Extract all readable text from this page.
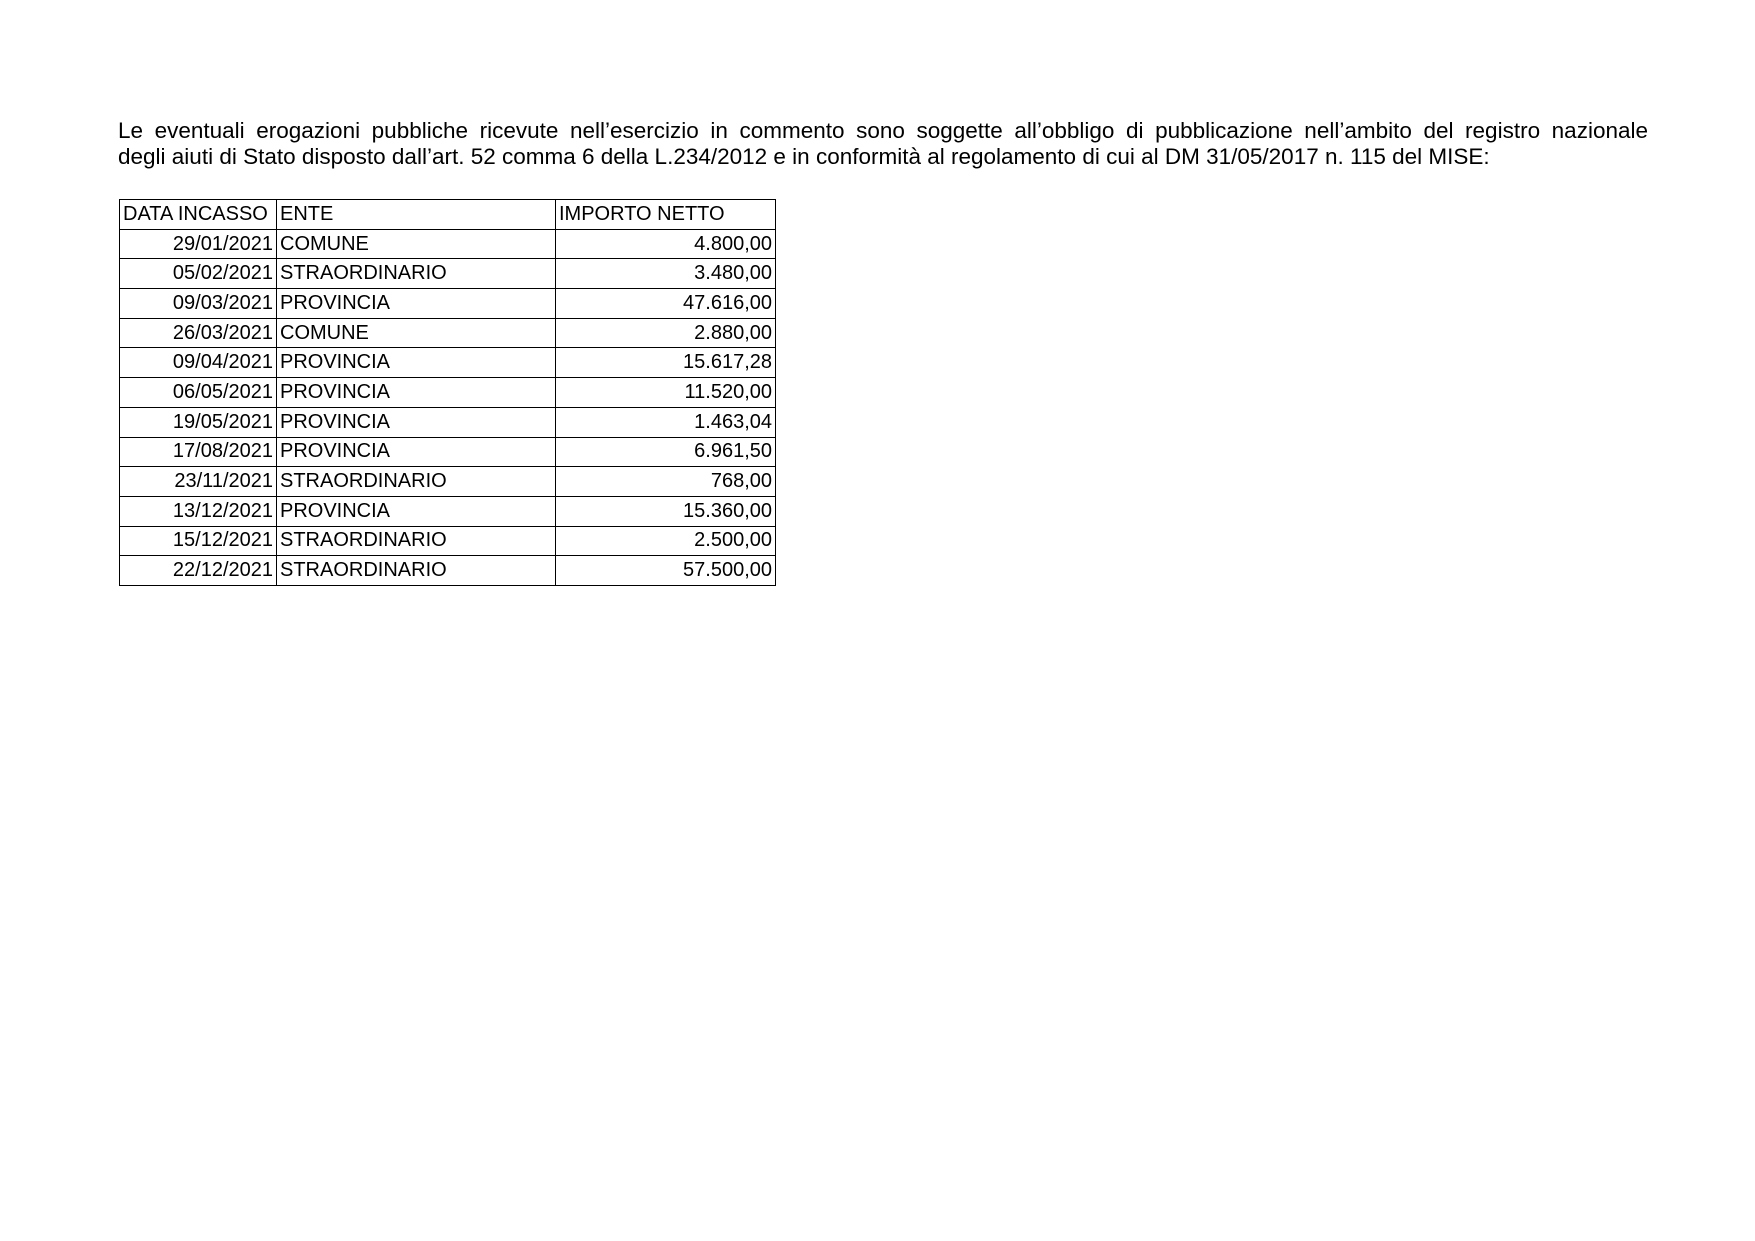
Le eventuali erogazioni pubbliche ricevute nell’esercizio in commento sono soggette all’obbligo di pubblicazione nell’ambito del registro nazionale
degli aiuti di Stato disposto dall’art. 52 comma 6 della L.234/2012 e in conformità al regolamento di cui al DM 31/05/2017 n. 115 del MISE:
DATA INCASSO	ENTE	IMPORTO NETTO
29/01/2021	COMUNE	4.800,00
05/02/2021	STRAORDINARIO	3.480,00
09/03/2021	PROVINCIA	47.616,00
26/03/2021	COMUNE	2.880,00
09/04/2021	PROVINCIA	15.617,28
06/05/2021	PROVINCIA	11.520,00
19/05/2021	PROVINCIA	1.463,04
17/08/2021	PROVINCIA	6.961,50
23/11/2021	STRAORDINARIO	768,00
13/12/2021	PROVINCIA	15.360,00
15/12/2021	STRAORDINARIO	2.500,00
22/12/2021	STRAORDINARIO	57.500,00
